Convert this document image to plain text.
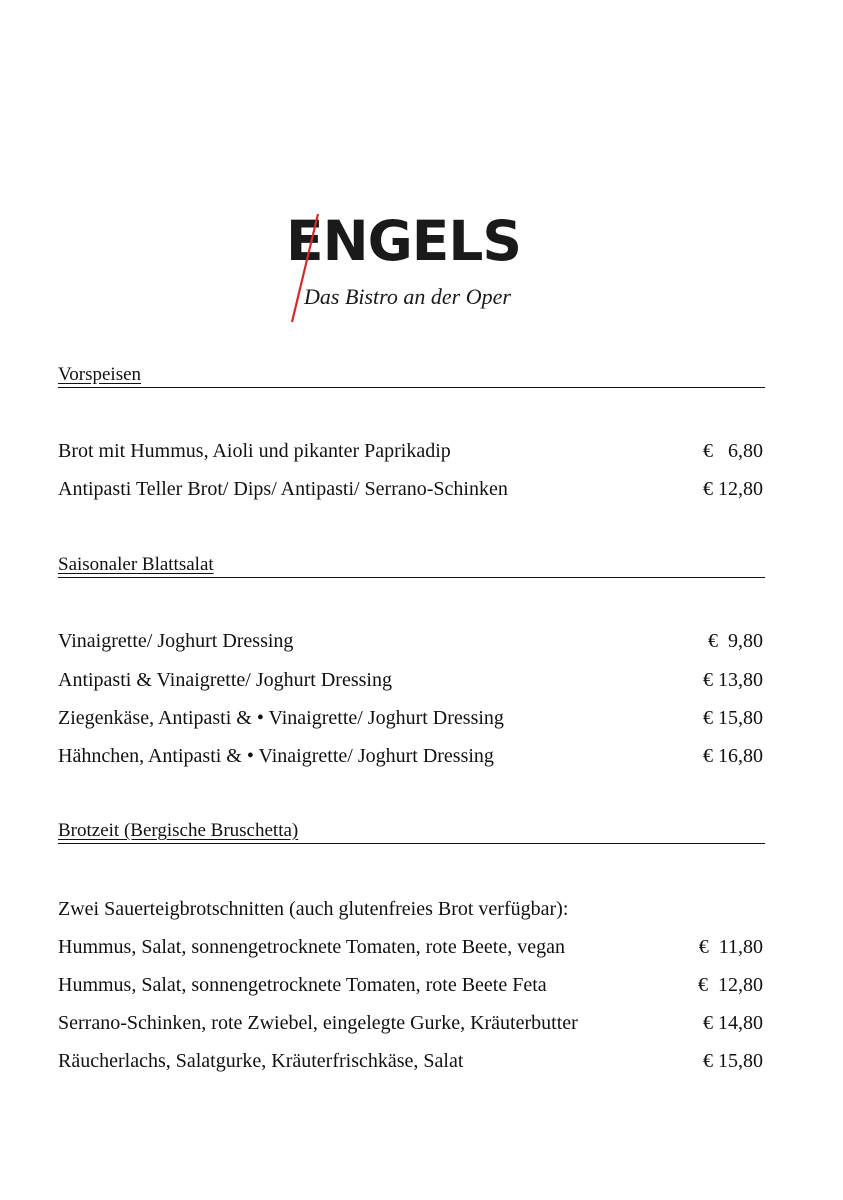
ENGELS
Das Bistro an der Oper
Vorspeisen
Brot mit Hummus, Aioli und pikanter Paprikadip	€   6,80
Antipasti Teller Brot/ Dips/ Antipasti/ Serrano-Schinken	€ 12,80
Saisonaler Blattsalat
Vinaigrette/ Joghurt Dressing	€  9,80
Antipasti & Vinaigrette/ Joghurt Dressing	€ 13,80
Ziegenkäse, Antipasti & • Vinaigrette/ Joghurt Dressing	€ 15,80
Hähnchen, Antipasti & • Vinaigrette/ Joghurt Dressing	€ 16,80
Brotzeit (Bergische Bruschetta)
Zwei Sauerteigbrotschnitten (auch glutenfreies Brot verfügbar):
Hummus, Salat, sonnengetrocknete Tomaten, rote Beete, vegan	€  11,80
Hummus, Salat, sonnengetrocknete Tomaten, rote Beete Feta	€  12,80
Serrano-Schinken, rote Zwiebel, eingelegte Gurke, Kräuterbutter	€ 14,80
Räucherlachs, Salatgurke, Kräuterfrischkäse, Salat	€ 15,80
